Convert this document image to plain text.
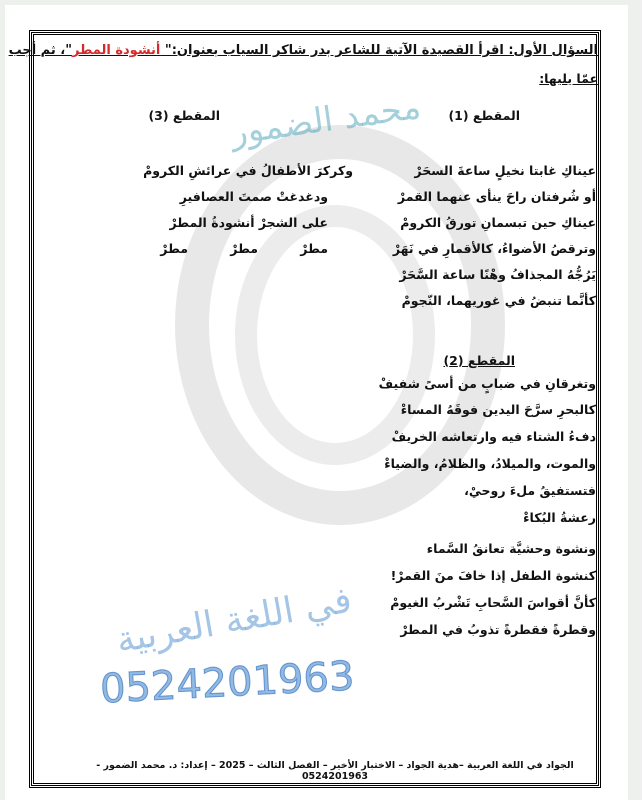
محمد الضمور
في اللغة العربية
0524201963
السؤال الأول: اقرأ القصيدة الآتية للشاعر بدر شاكر السياب بعنوان:" أنشودة المطر"، ثم أجب
عمّا يليها:
المقطع (1)
المقطع (3)
عيناكِ غابتا نخيلٍ ساعةَ السحَرْ
أو شُرفتان راحَ ينأى عنهما القمرْ
عيناكِ حين تبسمانِ تورقُ الكرومْ
وترقصُ الأضواءُ، كالأقمارِ في نَهَرْ
يَرُجُّهُ المجذافُ وهْنًا ساعة السَّحَرْ
كأنَّما تنبضُ في غوريهما، النّجومْ
وكركرَ الأطفالُ في عرائشِ الكرومْ
ودغدغتْ صمتَ العصافيرِ
على الشجرْ أنشودةُ المطرْ
مطرْ
مطرْ
مطرْ
المقطع (2)
وتغرقانِ في ضبابٍ من أسىً شفيفْ
كالبحرِ سرَّحَ اليدين فوقَهُ المساءْ
دفءُ الشتاء فيه وارتعاشه الخريفْ
والموت، والميلادُ، والظلامُ، والضياءْ
فتستفيقُ ملءَ روحيْ،
رعشةُ البُكاءْ
ونشوة وحشيَّة تعانقُ السَّماء
كنشوة الطفل إذا خافَ منَ القمرْ!
كأنَّ أقواسَ السَّحابِ تَشْربُ الغيومْ
وقطرةً فقطرةً تذوبُ في المطرْ
الجواد في اللغة العربية –هدية الجواد – الاختبار الأخير – الفصل الثالث – 2025 – إعداد: د. محمد الضمور - 0524201963
